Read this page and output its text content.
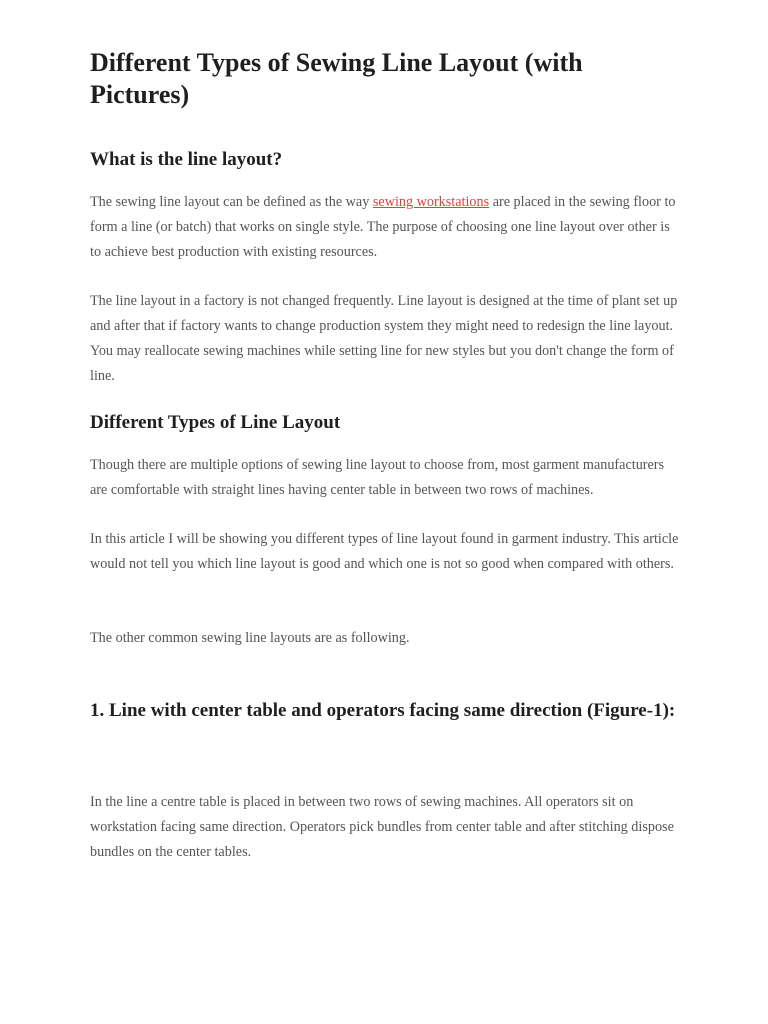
Different Types of Sewing Line Layout (with Pictures)
What is the line layout?

The sewing line layout can be defined as the way sewing workstations are placed in the sewing floor to form a line (or batch) that works on single style. The purpose of choosing one line layout over other is to achieve best production with existing resources.

The line layout in a factory is not changed frequently. Line layout is designed at the time of plant set up and after that if factory wants to change production system they might need to redesign the line layout. You may reallocate sewing machines while setting line for new styles but you don't change the form of line.

Different Types of Line Layout

Though there are multiple options of sewing line layout to choose from, most garment manufacturers are comfortable with straight lines having center table in between two rows of machines.

In this article I will be showing you different types of line layout found in garment industry. This article would not tell you which line layout is good and which one is not so good when compared with others.

The other common sewing line layouts are as following.

1. Line with center table and operators facing same direction (Figure-1):

In the line a centre table is placed in between two rows of sewing machines. All operators sit on workstation facing same direction. Operators pick bundles from center table and after stitching dispose bundles on the center tables.
